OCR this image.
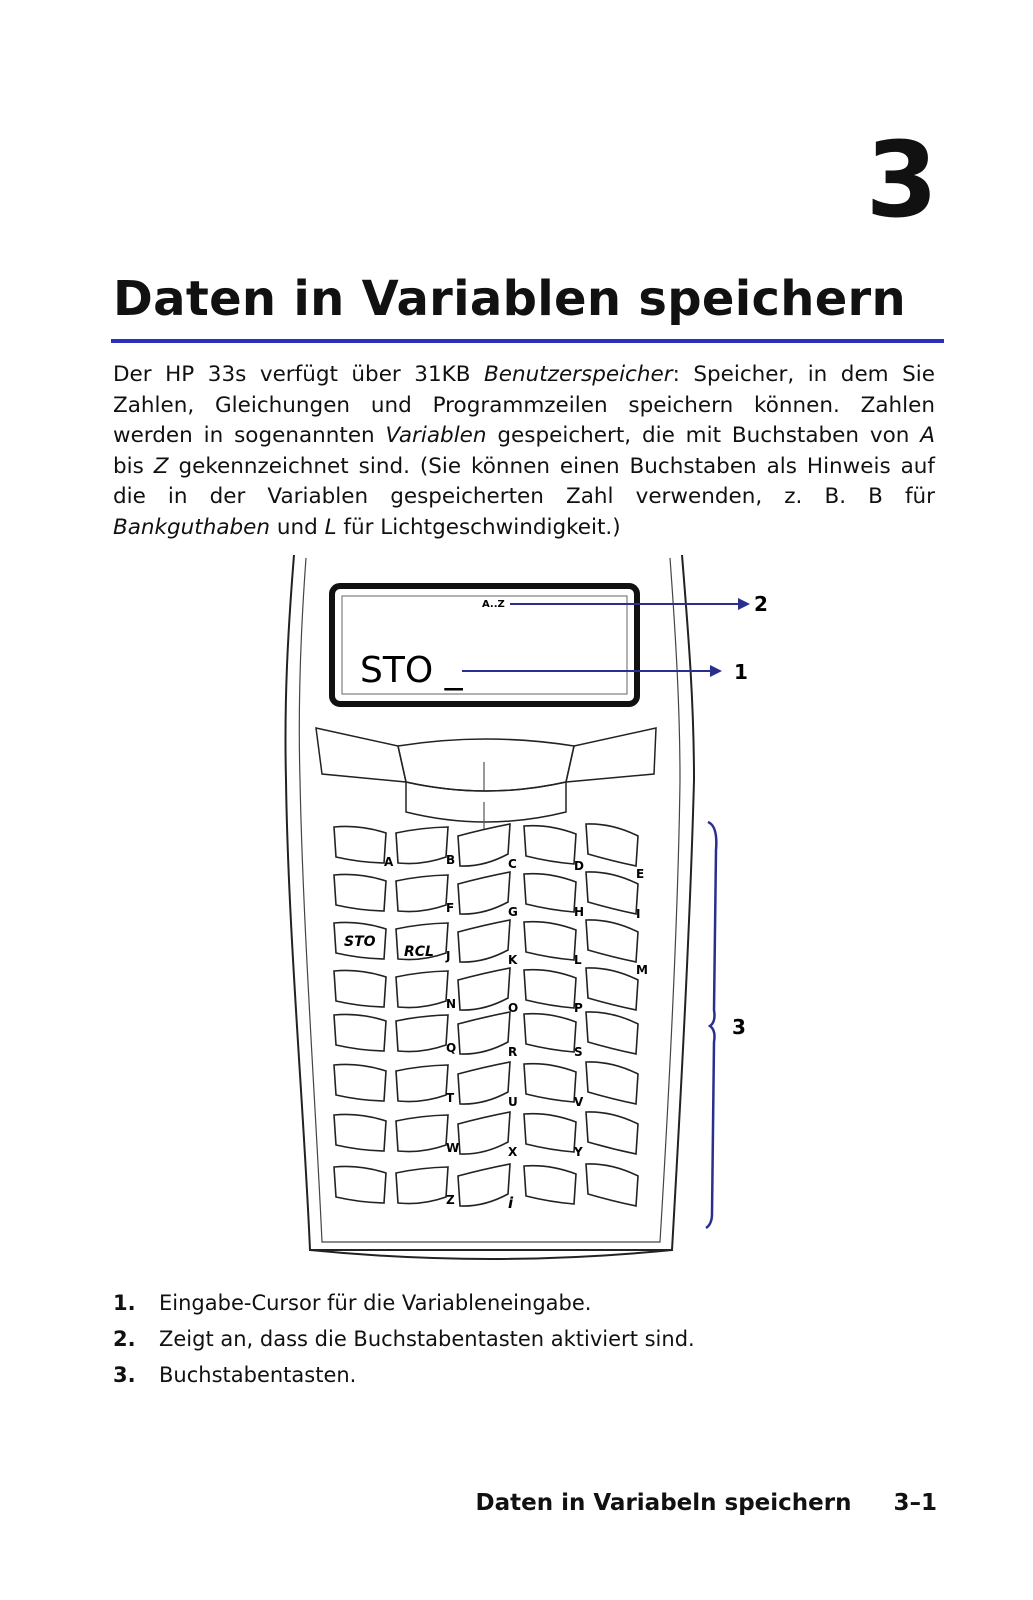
3
Daten in Variablen speichern

Der HP 33s verfügt über 31KB Benutzerspeicher: Speicher, in dem Sie Zahlen, Gleichungen und Programmzeilen speichern können. Zahlen werden in sogenannten Variablen gespeichert, die mit Buchstaben von A bis Z gekennzeichnet sind. (Sie können einen Buchstaben als Hinweis auf die in der Variablen gespeicherten Zahl verwenden, z. B. B für Bankguthaben und L für Lichtgeschwindigkeit.)

A..Z
STO _
2
1
3
STO
RCL
A	B	C	D
E
F	G	H	I
J	K	L
M
N	O	P
Q	R	S
T	U	V
W	X	Y
Z	i
1.	Eingabe-Cursor für die Variableneingabe.
2.	Zeigt an, dass die Buchstabentasten aktiviert sind.
3.	Buchstabentasten.
Daten in Variabeln speichern 3–1
